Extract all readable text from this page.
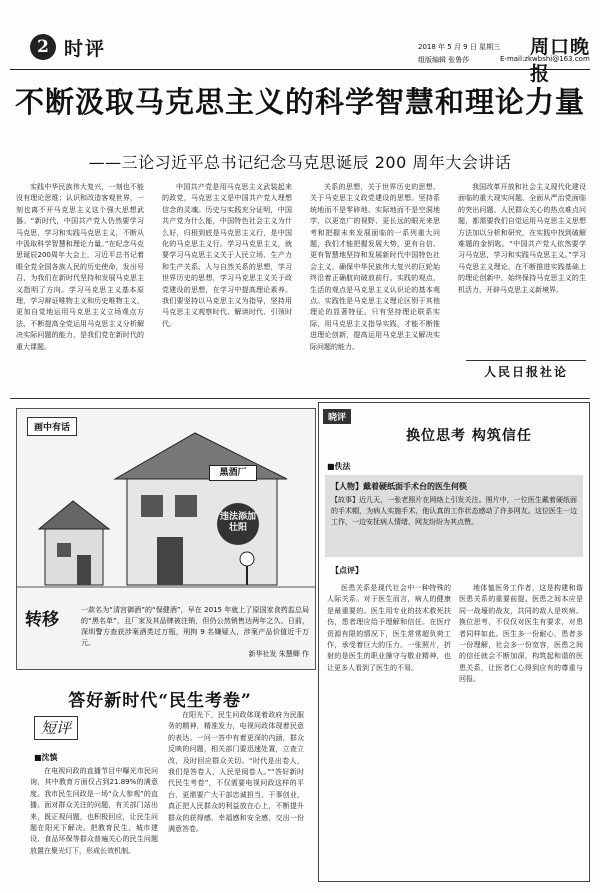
2 时评	2018 年 5 月 9 日 星期三
组版编辑 张鲁莎
周口晚报
E-mail:zkwbshi@163.com
不断汲取马克思主义的科学智慧和理论力量
——三论习近平总书记纪念马克思诞辰 200 周年大会讲话

实践中华民族伟大复兴，一刻也不能没有理论思维；认识和改造客观世界，一刻也离不开马克思主义这个强大思想武器。“新时代，中国共产党人仍然要学习马克思，学习和实践马克思主义，不断从中汲取科学智慧和理论力量。”在纪念马克思诞辰200周年大会上，习近平总书记着眼全党全国各族人民的历史使命，发出号召，为我们在新时代坚持和发展马克思主义指明了方向。学习马克思主义基本原理，学习辩证唯物主义和历史唯物主义，更加自觉地运用马克思主义立场观点方法，不断提高全党运用马克思主义分析解决实际问题的能力，是我们党在新时代的重大课题。

中国共产党是用马克思主义武装起来的政党，马克思主义是中国共产党人理想信念的灵魂。历史与实践充分证明，中国共产党为什么能，中国特色社会主义为什么好，归根到底是马克思主义行，是中国化的马克思主义行。学习马克思主义，就要学习马克思主义关于人民立场、生产力和生产关系、人与自然关系的思想，学习世界历史的思想，学习马克思主义关于政党建设的思想，在学习中提高理论素养。我们要坚持以马克思主义为指导，坚持用马克思主义观察时代、解读时代、引领时代。

关系的思想，关于世界历史的思想，关于马克思主义政党建设的思想。坚持系统地而不是零碎地、实际地而不是空洞地学，以更宽广的视野、更长远的眼光来思考和把握未来发展面临的一系列重大问题，我们才能把握发展大势，更有自信、更有智慧地坚持和发展新时代中国特色社会主义，确保中华民族伟大复兴的巨轮始终沿着正确航向破浪前行。实践的观点，生活的观点是马克思主义认识论的基本观点。实践性是马克思主义理论区别于其他理论的显著特征。只有坚持理论联系实际，用马克思主义指导实践，才能不断推进理论创新，提高运用马克思主义解决实际问题的能力。

我国改革开放和社会主义现代化建设面临的重大现实问题、全面从严治党面临的突出问题、人民群众关心的热点难点问题，都需要我们自觉运用马克思主义思想方法加以分析和研究，在实践中找到破解难题的金钥匙。“中国共产党人依然要学习马克思，学习和实践马克思主义。”学习马克思主义理论，在不断推进实践基础上的理论创新中，始终保持马克思主义的生机活力，开辟马克思主义新境界。

人民日报社论
画中有话
黑酒厂
违法添加壮阳
转移	一款名为“清宫御酒”的“保健酒”，早在 2015 年就上了原国家食药监总局的“黑名单”，且厂家及其品牌被注销，但仍公然销售达两年之久。日前，深圳警方查获涉案酒类过万瓶，刑拘 9 名嫌疑人，涉案产品价值近千万元。
新华社发 朱慧卿 作
答好新时代“民生考卷”
短评
■沈慎

在电视问政的直播节目中曝光市民问询，其中教育方面仅占到21.89%的满意度。我市民生问政是一场“众人参观”的直播。面对群众关注的问题，有关部门站出来，既正视问题，也积极回应，让民生问题在阳光下解决。把教育民生、城市建设、食品环保等群众普遍关心的民生问题放置在聚光灯下，形成长效机制。

在阳光下，民生问政体现着政府为民服务的精神，精准发力，电视问政体现着民意的表达。一问一答中有着更深的内涵，群众反映的问题，相关部门要迅速处置，立查立改，及时回应群众关切。“时代是出卷人，我们是答卷人，人民是阅卷人。”“答好新时代民生考卷”，不仅需要电视问政这样的平台，更需要广大干部忠诚担当、干事创业，真正把人民群众的利益放在心上，不断提升群众的获得感、幸福感和安全感，交出一份满意答卷。

晓评
换位思考 构筑信任
■佚法
【人物】戴着硬纸面手术台的医生何筷
【故事】近几天，一张老照片在网络上引发关注。照片中，一位医生戴着硬纸面的手术帽，为病人实施手术，他认真的工作状态感动了许多网友。这位医生一边工作，一边安抚病人情绪，网友纷纷为其点赞。
【点评】

医患关系是现代社会中一种特殊的人际关系。对于医生而言，病人的健康是最重要的。医生用专业的技术救死扶伤，患者理应给予理解和信任。在医疗资源有限的情况下，医生常常超负荷工作，承受着巨大的压力。一张照片，折射的是医生的职业操守与敬业精神，也让更多人看到了医生的不易。

地体恤医务工作者，这是构建和谐医患关系的重要前提。医患之间本应是同一战壕的战友，共同的敌人是疾病。换位思考，不仅仅对医生有要求，对患者同样如此。医生多一份耐心，患者多一份理解，社会多一份宽容，医患之间的信任就会不断加深，构筑起和谐的医患关系，让医者仁心得到应有的尊重与回报。
